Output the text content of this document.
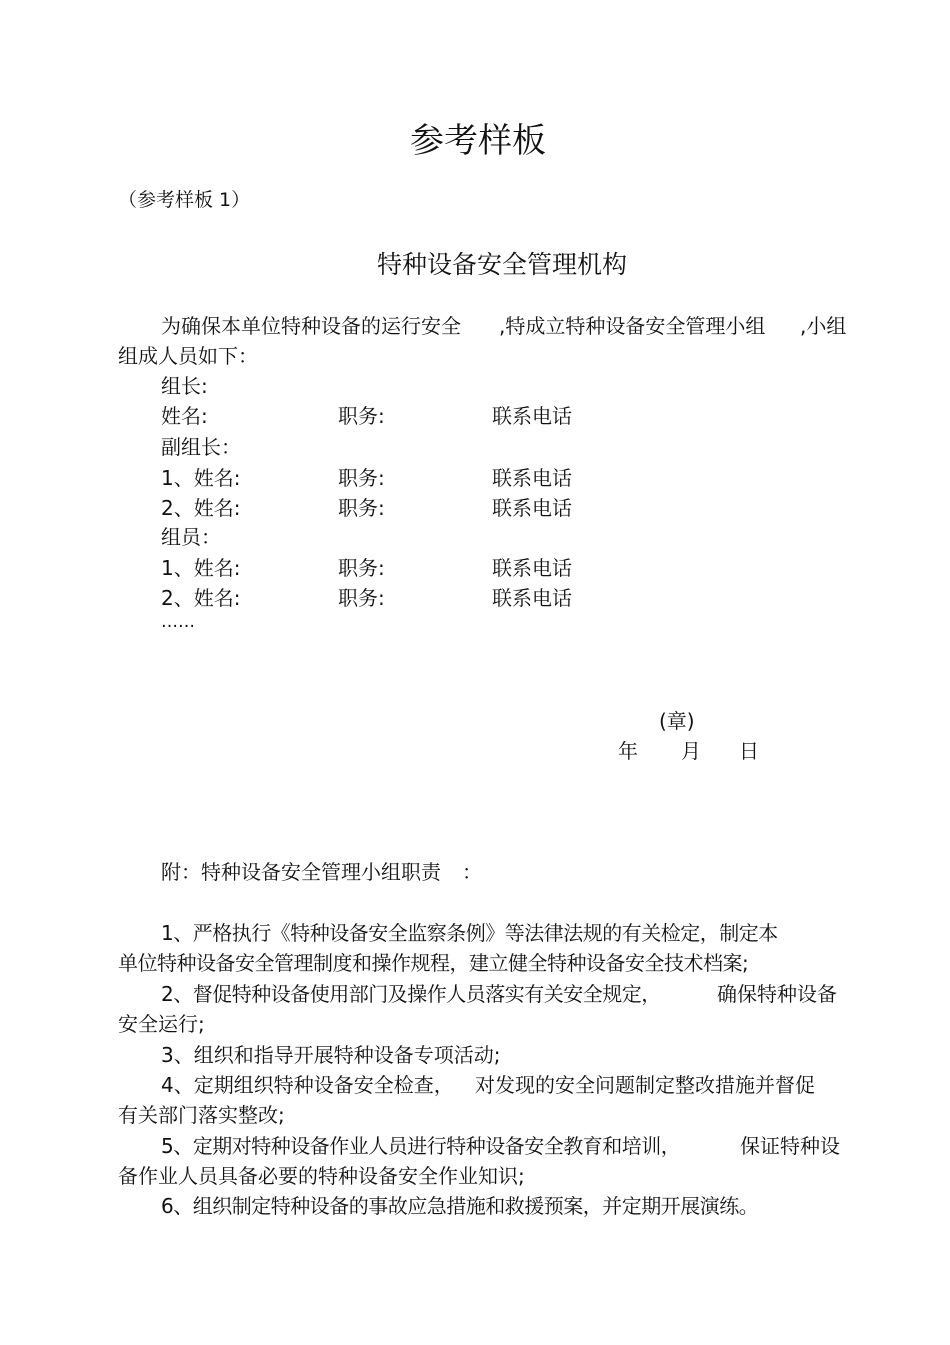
参考样板
（参考样板 1）
特种设备安全管理机构
为确保本单位特种设备的运行安全 ,特成立特种设备安全管理小组 ,小组
组成人员如下：
组长:
姓名:	职务:	联系电话
副组长：
1、姓名:	职务:	联系电话
2、姓名:	职务:	联系电话
组员：
1、姓名:	职务:	联系电话
2、姓名:	职务:	联系电话
……
(章)
年 月 日
附：特种设备安全管理小组职责 ：
1、严格执行《特种设备安全监察条例》等法律法规的有关检定，制定本
单位特种设备安全管理制度和操作规程，建立健全特种设备安全技术档案;
2、督促特种设备使用部门及操作人员落实有关安全规定，	确保特种设备
安全运行;
3、组织和指导开展特种设备专项活动;
4、定期组织特种设备安全检查， 对发现的安全问题制定整改措施并督促
有关部门落实整改;
5、定期对特种设备作业人员进行特种设备安全教育和培训，	保证特种设
备作业人员具备必要的特种设备安全作业知识;
6、组织制定特种设备的事故应急措施和救援预案，并定期开展演练。
